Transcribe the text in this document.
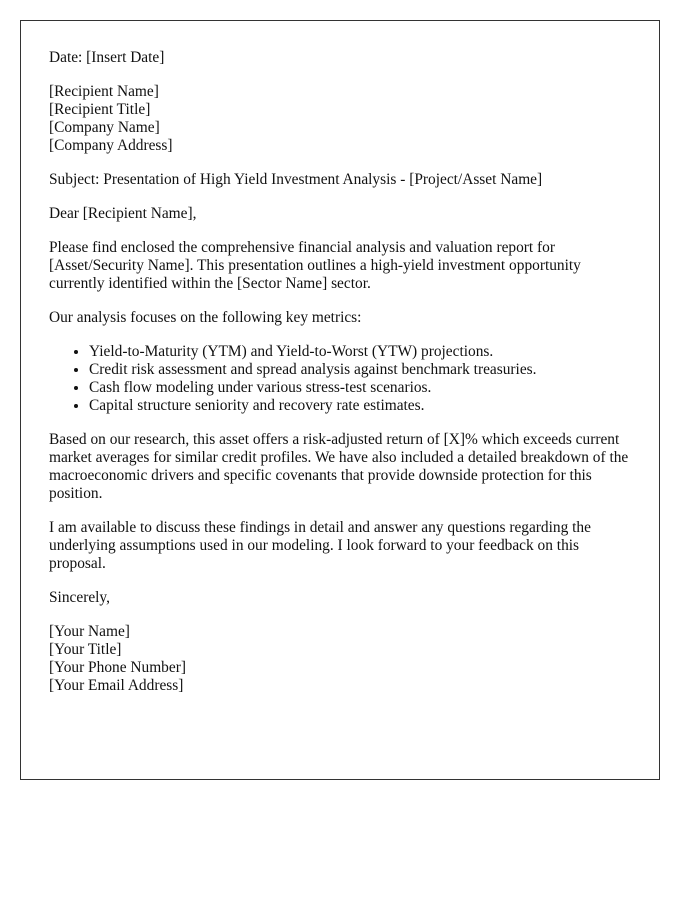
Date: [Insert Date]
[Recipient Name]
[Recipient Title]
[Company Name]
[Company Address]
Subject: Presentation of High Yield Investment Analysis - [Project/Asset Name]
Dear [Recipient Name],

Please find enclosed the comprehensive financial analysis and valuation report for [Asset/Security Name]. This presentation outlines a high-yield investment opportunity currently identified within the [Sector Name] sector.

Our analysis focuses on the following key metrics:

• Yield-to-Maturity (YTM) and Yield-to-Worst (YTW) projections.
• Credit risk assessment and spread analysis against benchmark treasuries.
• Cash flow modeling under various stress-test scenarios.
• Capital structure seniority and recovery rate estimates.

Based on our research, this asset offers a risk-adjusted return of [X]% which exceeds current market averages for similar credit profiles. We have also included a detailed breakdown of the macroeconomic drivers and specific covenants that provide downside protection for this position.

I am available to discuss these findings in detail and answer any questions regarding the underlying assumptions used in our modeling. I look forward to your feedback on this proposal.

Sincerely,
[Your Name]
[Your Title]
[Your Phone Number]
[Your Email Address]
